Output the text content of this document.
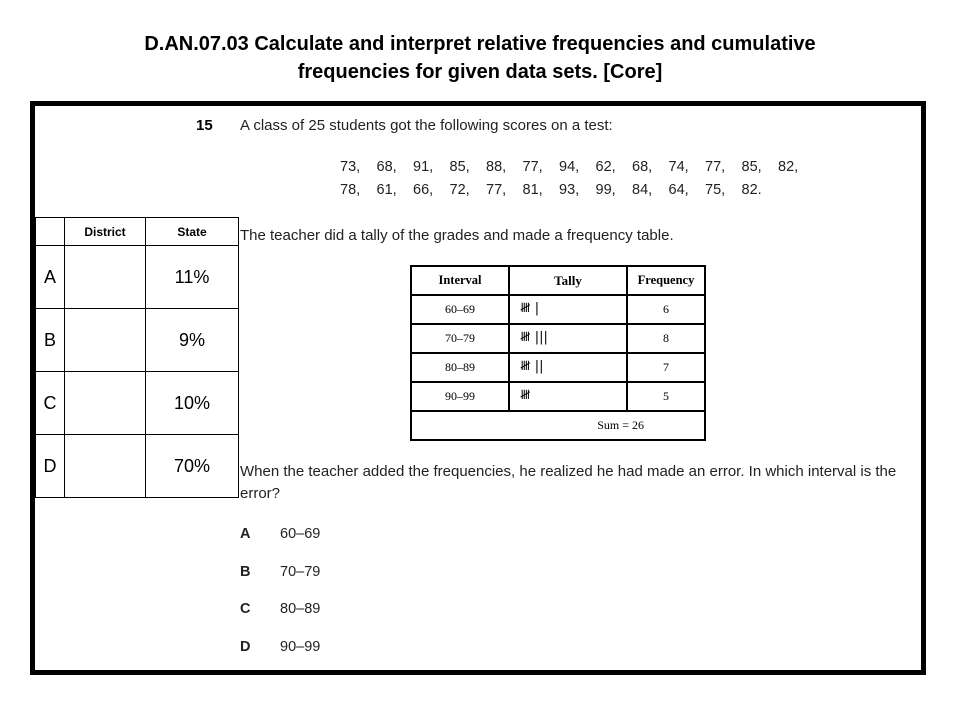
D.AN.07.03 Calculate and interpret relative frequencies and cumulative
frequencies for given data sets. [Core]
15 A class of 25 students got the following scores on a test:
73,	68,	91,	85,	88,	77,	94,	62,	68,	74,	77,	85,	82,
78,	61,	66,	72,	77,	81,	93,	99,	84,	64,	75,	82.
The teacher did a tally of the grades and made a frequency table.
Interval	Tally	Frequency
60–69	𝍸 |	6
70–79	𝍸 |||	8
80–89	𝍸 ||	7
90–99	𝍸	5
Sum = 26		
When the teacher added the frequencies, he realized he had made an error. In which interval is the error?
A	60–69
B	70–79
C	80–89
D	90–99
	District	State
A		11%
B		9%
C		10%
D		70%
